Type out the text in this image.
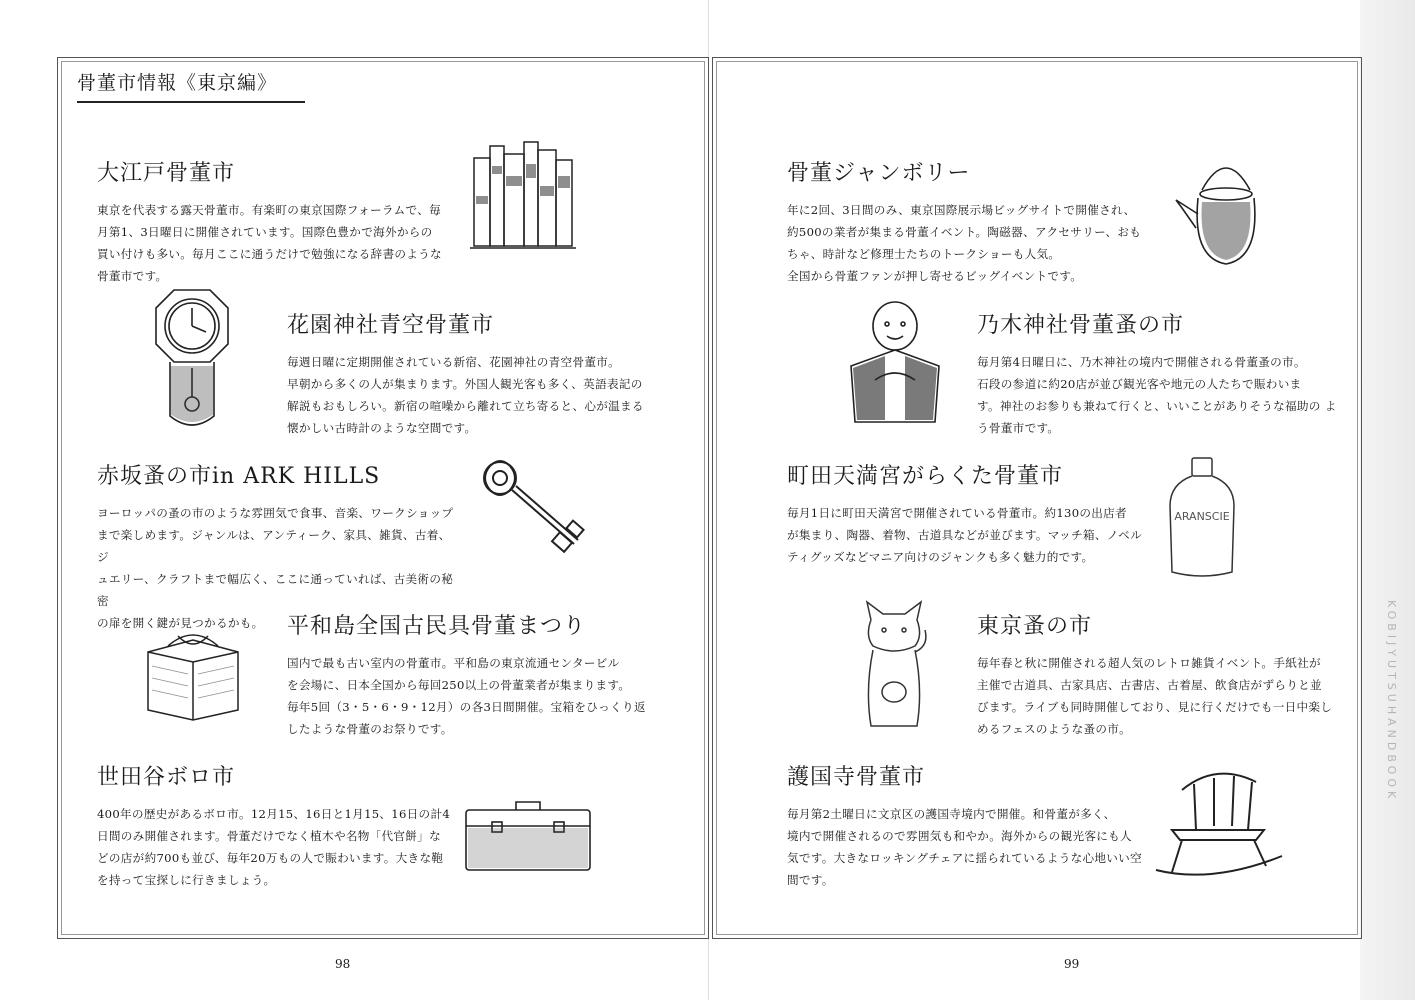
KOBIJYUTSUHANDBOOK
骨董市情報《東京編》
大江戸骨董市

東京を代表する露天骨董市。有楽町の東京国際フォーラムで、毎
月第1、3日曜日に開催されています。国際色豊かで海外からの
買い付けも多い。毎月ここに通うだけで勉強になる辞書のような
骨董市です。

花園神社青空骨董市

毎週日曜に定期開催されている新宿、花園神社の青空骨董市。
早朝から多くの人が集まります。外国人観光客も多く、英語表記の
解説もおもしろい。新宿の喧噪から離れて立ち寄ると、心が温まる
懐かしい古時計のような空間です。

赤坂蚤の市in ARK HILLS

ヨーロッパの蚤の市のような雰囲気で食事、音楽、ワークショップ
まで楽しめます。ジャンルは、アンティーク、家具、雑貨、古着、ジ
ュエリー、クラフトまで幅広く、ここに通っていれば、古美術の秘密
の扉を開く鍵が見つかるかも。	平和島全国古民具骨董まつり

国内で最も古い室内の骨董市。平和島の東京流通センタービル
を会場に、日本全国から毎回250以上の骨董業者が集まります。
毎年5回（3・5・6・9・12月）の各3日間開催。宝箱をひっくり返
したような骨董のお祭りです。

世田谷ボロ市

400年の歴史があるボロ市。12月15、16日と1月15、16日の計4
日間のみ開催されます。骨董だけでなく植木や名物「代官餅」な
どの店が約700も並び、毎年20万もの人で賑わいます。大きな鞄
を持って宝探しに行きましょう。

骨董ジャンボリー

年に2回、3日間のみ、東京国際展示場ビッグサイトで開催され、
約500の業者が集まる骨董イベント。陶磁器、アクセサリー、おも
ちゃ、時計など修理士たちのトークショーも人気。
全国から骨董ファンが押し寄せるビッグイベントです。

乃木神社骨董蚤の市

毎月第4日曜日に、乃木神社の境内で開催される骨董蚤の市。
石段の参道に約20店が並び観光客や地元の人たちで賑わいま
す。神社のお参りも兼ねて行くと、いいことがありそうな福助の よ
う骨董市です。

町田天満宮がらくた骨董市

毎月1日に町田天満宮で開催されている骨董市。約130の出店者
が集まり、陶器、着物、古道具などが並びます。マッチ箱、ノベル
ティグッズなどマニア向けのジャンクも多く魅力的です。

東京蚤の市

毎年春と秋に開催される超人気のレトロ雑貨イベント。手紙社が
主催で古道具、古家具店、古書店、古着屋、飲食店がずらりと並
びます。ライブも同時開催しており、見に行くだけでも一日中楽し
めるフェスのような蚤の市。

護国寺骨董市

毎月第2土曜日に文京区の護国寺境内で開催。和骨董が多く、
境内で開催されるので雰囲気も和やか。海外からの観光客にも人
気です。大きなロッキングチェアに揺られているような心地いい空
間です。

ARANSCIE
98	99
